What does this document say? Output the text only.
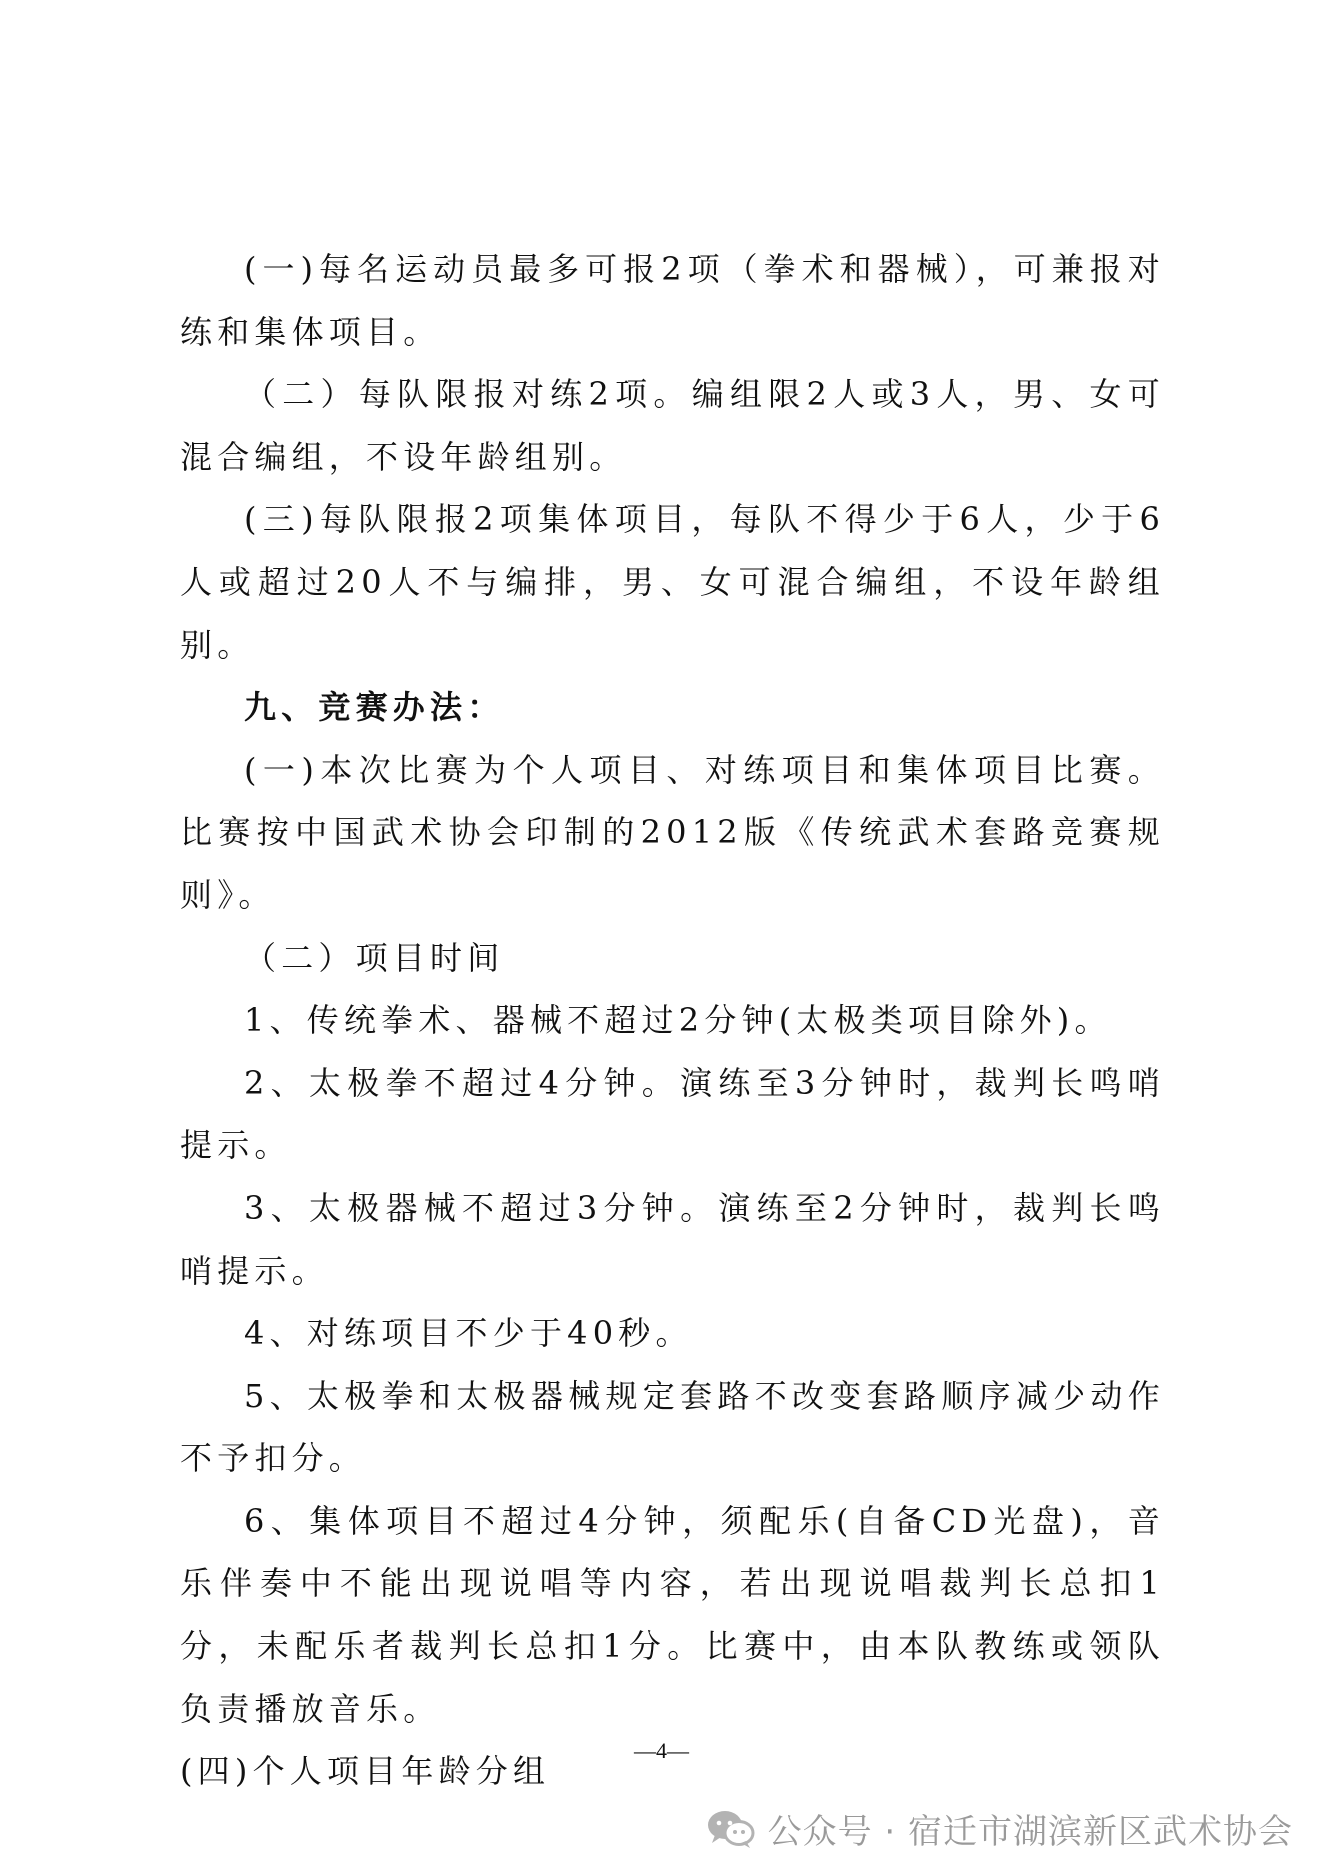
(一)每名运动员最多可报2项（拳术和器械），可兼报对练和集体项目。

（二）每队限报对练2项。编组限2人或3人，男、女可混合编组，不设年龄组别。

(三)每队限报2项集体项目，每队不得少于6人，少于6人或超过20人不与编排，男、女可混合编组，不设年龄组别。

九、竞赛办法：

(一)本次比赛为个人项目、对练项目和集体项目比赛。比赛按中国武术协会印制的2012版《传统武术套路竞赛规则》。

（二）项目时间

1、传统拳术、器械不超过2分钟(太极类项目除外)。

2、太极拳不超过4分钟。演练至3分钟时，裁判长鸣哨提示。

3、太极器械不超过3分钟。演练至2分钟时，裁判长鸣哨提示。

4、对练项目不少于40秒。

5、太极拳和太极器械规定套路不改变套路顺序减少动作不予扣分。

6、集体项目不超过4分钟，须配乐(自备CD光盘)，音乐伴奏中不能出现说唱等内容，若出现说唱裁判长总扣1分，未配乐者裁判长总扣1分。比赛中，由本队教练或领队负责播放音乐。

(四)个人项目年龄分组

—4—
公众号 · 宿迁市湖滨新区武术协会
